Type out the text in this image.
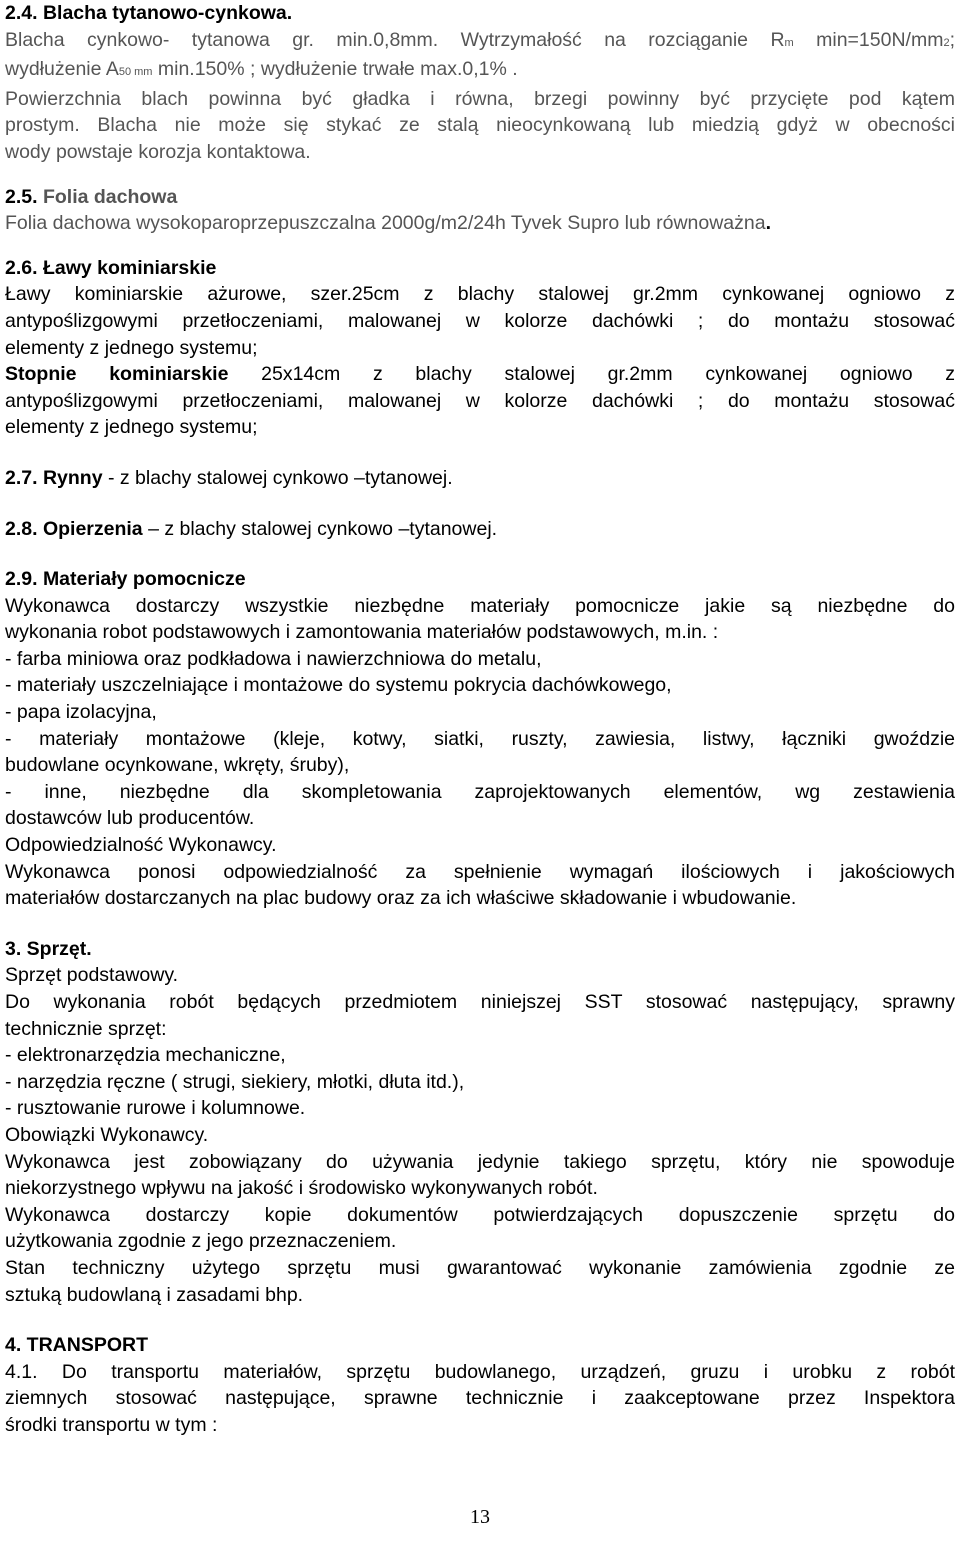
2.4. Blacha tytanowo-cynkowa.

Blacha cynkowo- tytanowa gr. min.0,8mm. Wytrzymałość na rozciąganie Rm min=150N/mm2;

wydłużenie A50 mm min.150% ; wydłużenie trwałe max.0,1% .

Powierzchnia blach powinna być gładka i równa, brzegi powinny być przycięte pod kątem

prostym. Blacha nie może się stykać ze stalą nieocynkowaną lub miedzią gdyż w obecności

wody powstaje korozja kontaktowa.

2.5. Folia dachowa

Folia dachowa wysokoparoprzepuszczalna 2000g/m2/24h Tyvek Supro lub równoważna.

2.6. Ławy kominiarskie

Ławy kominiarskie ażurowe, szer.25cm z blachy stalowej gr.2mm cynkowanej ogniowo z

antypoślizgowymi przetłoczeniami, malowanej w kolorze dachówki ; do montażu stosować

elementy z jednego systemu;

Stopnie kominiarskie 25x14cm z blachy stalowej gr.2mm cynkowanej ogniowo z

antypoślizgowymi przetłoczeniami, malowanej w kolorze dachówki ; do montażu stosować

elementy z jednego systemu;

2.7. Rynny - z blachy stalowej cynkowo –tytanowej.

2.8. Opierzenia – z blachy stalowej cynkowo –tytanowej.

2.9. Materiały pomocnicze

Wykonawca dostarczy wszystkie niezbędne materiały pomocnicze jakie są niezbędne do

wykonania robot podstawowych i zamontowania materiałów podstawowych, m.in. :

- farba miniowa oraz podkładowa i nawierzchniowa do metalu,

- materiały uszczelniające i montażowe do systemu pokrycia dachówkowego,

- papa izolacyjna,

- materiały montażowe (kleje, kotwy, siatki, ruszty, zawiesia, listwy, łączniki gwoździe

budowlane ocynkowane, wkręty, śruby),

- inne, niezbędne dla skompletowania zaprojektowanych elementów, wg zestawienia

dostawców lub producentów.

Odpowiedzialność Wykonawcy.

Wykonawca ponosi odpowiedzialność za spełnienie wymagań ilościowych i jakościowych

materiałów dostarczanych na plac budowy oraz za ich właściwe składowanie i wbudowanie.

3. Sprzęt.

Sprzęt podstawowy.

Do wykonania robót będących przedmiotem niniejszej SST stosować następujący, sprawny

technicznie sprzęt:

- elektronarzędzia mechaniczne,

- narzędzia ręczne ( strugi, siekiery, młotki, dłuta itd.),

- rusztowanie rurowe i kolumnowe.

Obowiązki Wykonawcy.

Wykonawca jest zobowiązany do używania jedynie takiego sprzętu, który nie spowoduje

niekorzystnego wpływu na jakość i środowisko wykonywanych robót.

Wykonawca dostarczy kopie dokumentów potwierdzających dopuszczenie sprzętu do

użytkowania zgodnie z jego przeznaczeniem.

Stan techniczny użytego sprzętu musi gwarantować wykonanie zamówienia zgodnie ze

sztuką budowlaną i zasadami bhp.

4. TRANSPORT

4.1. Do transportu materiałów, sprzętu budowlanego, urządzeń, gruzu i urobku z robót

ziemnych stosować następujące, sprawne technicznie i zaakceptowane przez Inspektora

środki transportu w tym :

13
